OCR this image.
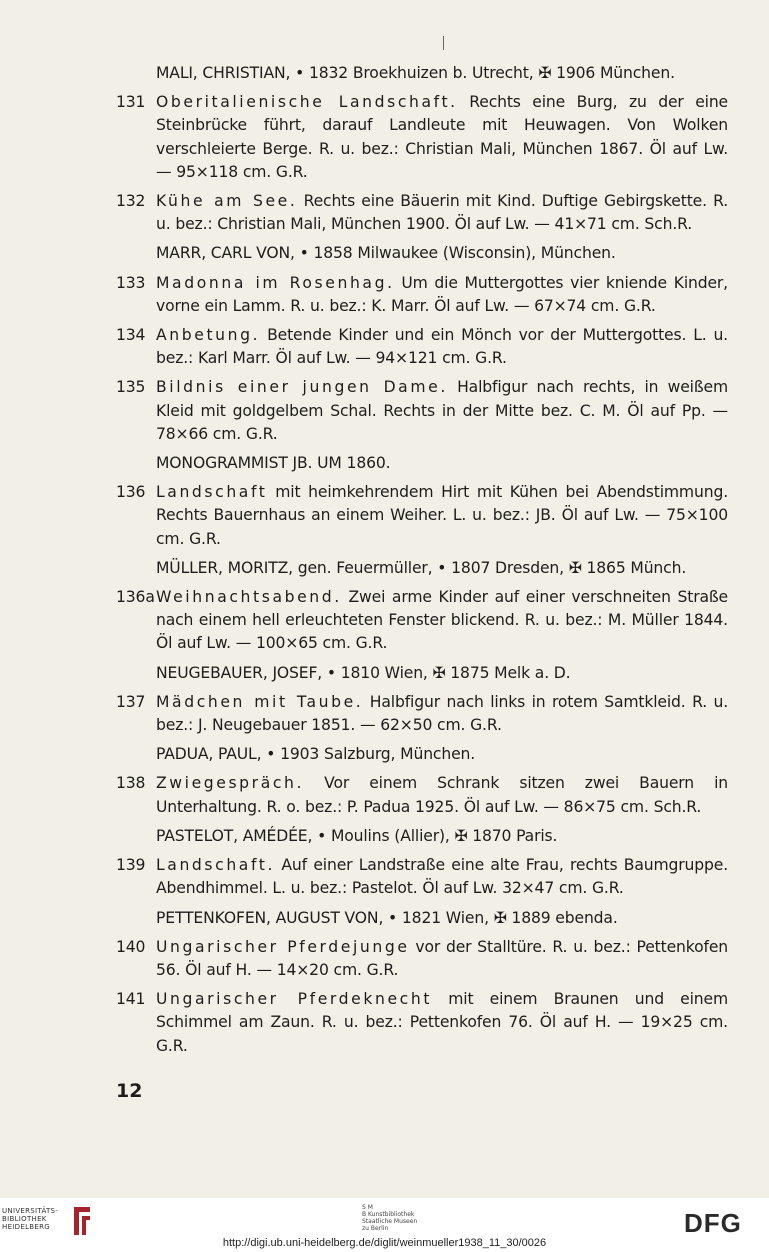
MALI, CHRISTIAN, • 1832 Broekhuizen b. Utrecht, ✠ 1906 München.
131 Oberitalienische Landschaft. Rechts eine Burg, zu der eine Steinbrücke führt, darauf Landleute mit Heuwagen. Von Wolken verschleierte Berge. R. u. bez.: Christian Mali, München 1867. Öl auf Lw. — 95×118 cm. G.R.
132 Kühe am See. Rechts eine Bäuerin mit Kind. Duftige Gebirgskette. R. u. bez.: Christian Mali, München 1900. Öl auf Lw. — 41×71 cm. Sch.R.
MARR, CARL VON, • 1858 Milwaukee (Wisconsin), München.
133 Madonna im Rosenhag. Um die Muttergottes vier kniende Kinder, vorne ein Lamm. R. u. bez.: K. Marr. Öl auf Lw. — 67×74 cm. G.R.
134 Anbetung. Betende Kinder und ein Mönch vor der Muttergottes. L. u. bez.: Karl Marr. Öl auf Lw. — 94×121 cm. G.R.
135 Bildnis einer jungen Dame. Halbfigur nach rechts, in weißem Kleid mit goldgelbem Schal. Rechts in der Mitte bez. C. M. Öl auf Pp. — 78×66 cm. G.R.
MONOGRAMMIST JB. UM 1860.
136 Landschaft mit heimkehrendem Hirt mit Kühen bei Abendstimmung. Rechts Bauernhaus an einem Weiher. L. u. bez.: JB. Öl auf Lw. — 75×100 cm. G.R.
MÜLLER, MORITZ, gen. Feuermüller, • 1807 Dresden, ✠ 1865 Münch.
136a Weihnachtsabend. Zwei arme Kinder auf einer verschneiten Straße nach einem hell erleuchteten Fenster blickend. R. u. bez.: M. Müller 1844. Öl auf Lw. — 100×65 cm. G.R.
NEUGEBAUER, JOSEF, • 1810 Wien, ✠ 1875 Melk a. D.
137 Mädchen mit Taube. Halbfigur nach links in rotem Samtkleid. R. u. bez.: J. Neugebauer 1851. — 62×50 cm. G.R.
PADUA, PAUL, • 1903 Salzburg, München.
138 Zwiegespräch. Vor einem Schrank sitzen zwei Bauern in Unterhaltung. R. o. bez.: P. Padua 1925. Öl auf Lw. — 86×75 cm. Sch.R.
PASTELOT, AMÉDÉE, • Moulins (Allier), ✠ 1870 Paris.
139 Landschaft. Auf einer Landstraße eine alte Frau, rechts Baumgruppe. Abendhimmel. L. u. bez.: Pastelot. Öl auf Lw. 32×47 cm. G.R.
PETTENKOFEN, AUGUST VON, • 1821 Wien, ✠ 1889 ebenda.
140 Ungarischer Pferdejunge vor der Stalltüre. R. u. bez.: Pettenkofen 56. Öl auf H. — 14×20 cm. G.R.
141 Ungarischer Pferdeknecht mit einem Braunen und einem Schimmel am Zaun. R. u. bez.: Pettenkofen 76. Öl auf H. — 19×25 cm. G.R.
12
UNIVERSITÄTS-
BIBLIOTHEK
HEIDELBERG
S M
B Kunstbibliothek
Staatliche Museen
zu Berlin	DFG
http://digi.ub.uni-heidelberg.de/diglit/weinmueller1938_11_30/0026
